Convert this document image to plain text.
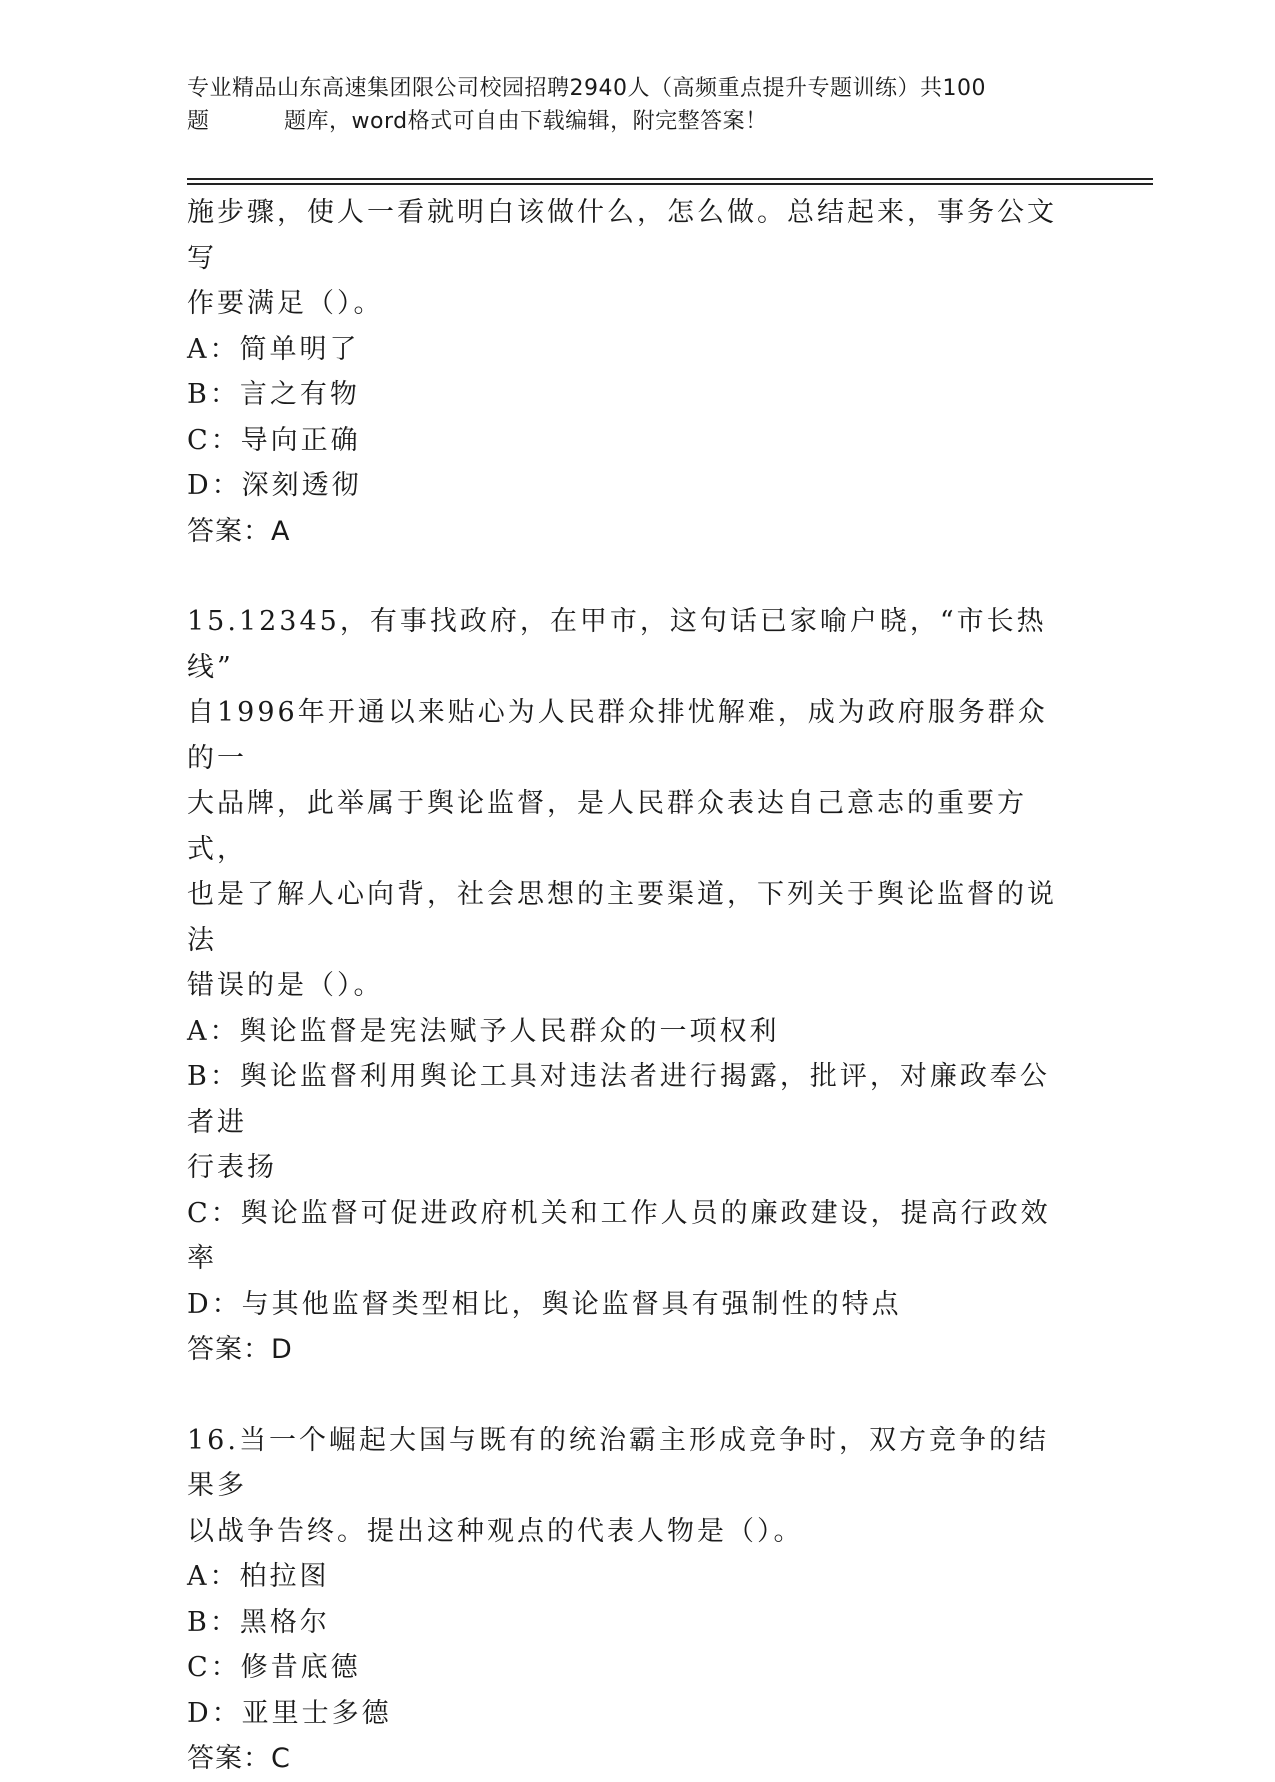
专业精品山东高速集团限公司校园招聘2940人（高频重点提升专题训练）共100
题	题库，word格式可自由下载编辑，附完整答案！

施步骤，使人一看就明白该做什么，怎么做。总结起来，事务公文写

作要满足（）。

A：简单明了

B：言之有物

C：导向正确

D：深刻透彻

答案：A

15.12345，有事找政府，在甲市，这句话已家喻户晓，“市长热线”

自1996年开通以来贴心为人民群众排忧解难，成为政府服务群众的一

大品牌，此举属于舆论监督，是人民群众表达自己意志的重要方式，

也是了解人心向背，社会思想的主要渠道，下列关于舆论监督的说法

错误的是（）。

A：舆论监督是宪法赋予人民群众的一项权利

B：舆论监督利用舆论工具对违法者进行揭露，批评，对廉政奉公者进

行表扬

C：舆论监督可促进政府机关和工作人员的廉政建设，提高行政效率

D：与其他监督类型相比，舆论监督具有强制性的特点

答案：D

16.当一个崛起大国与既有的统治霸主形成竞争时，双方竞争的结果多

以战争告终。提出这种观点的代表人物是（）。

A：柏拉图

B：黑格尔

C：修昔底德

D：亚里士多德

答案：C
